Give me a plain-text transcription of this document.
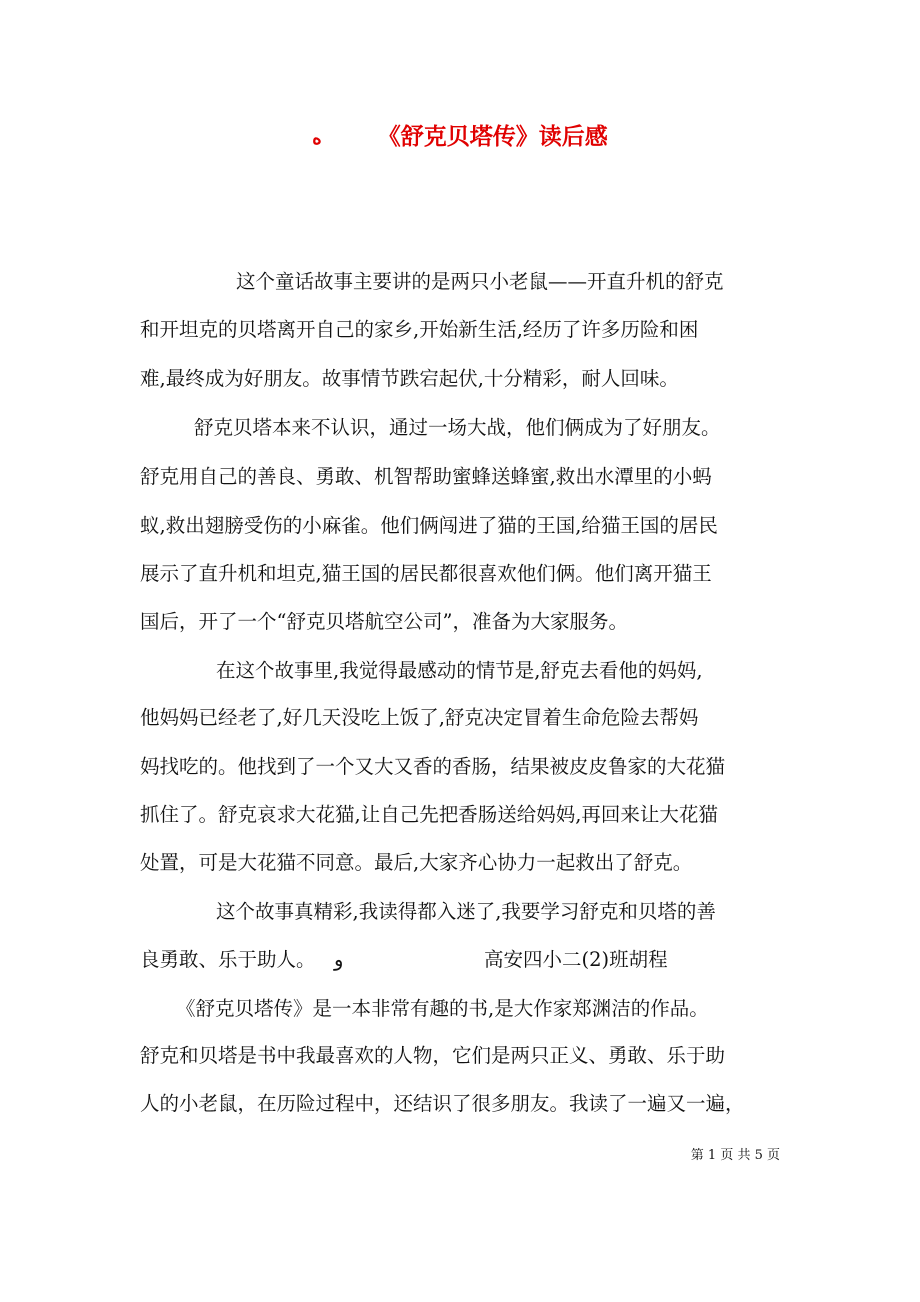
ﻩ 《舒克贝塔传》读后感
这个童话故事主要讲的是两只小老鼠——开直升机的舒克
和开坦克的贝塔离开自己的家乡,开始新生活,经历了许多历险和困
难,最终成为好朋友。故事情节跌宕起伏,十分精彩，耐人回味。
舒克贝塔本来不认识，通过一场大战，他们俩成为了好朋友。
舒克用自己的善良、勇敢、机智帮助蜜蜂送蜂蜜,救出水潭里的小蚂
蚁,救出翅膀受伤的小麻雀。他们俩闯进了猫的王国,给猫王国的居民
展示了直升机和坦克,猫王国的居民都很喜欢他们俩。他们离开猫王
国后，开了一个“舒克贝塔航空公司”，准备为大家服务。
在这个故事里,我觉得最感动的情节是,舒克去看他的妈妈,
他妈妈已经老了,好几天没吃上饭了,舒克决定冒着生命危险去帮妈
妈找吃的。他找到了一个又大又香的香肠，结果被皮皮鲁家的大花猫
抓住了。舒克哀求大花猫,让自己先把香肠送给妈妈,再回来让大花猫
处置，可是大花猫不同意。最后,大家齐心协力一起救出了舒克。
这个故事真精彩,我读得都入迷了,我要学习舒克和贝塔的善
良勇敢、乐于助人。 و	高安四小二(2)班胡程
《舒克贝塔传》是一本非常有趣的书,是大作家郑渊洁的作品。
舒克和贝塔是书中我最喜欢的人物，它们是两只正义、勇敢、乐于助
人的小老鼠，在历险过程中，还结识了很多朋友。我读了一遍又一遍，
第 1 页 共 5 页
